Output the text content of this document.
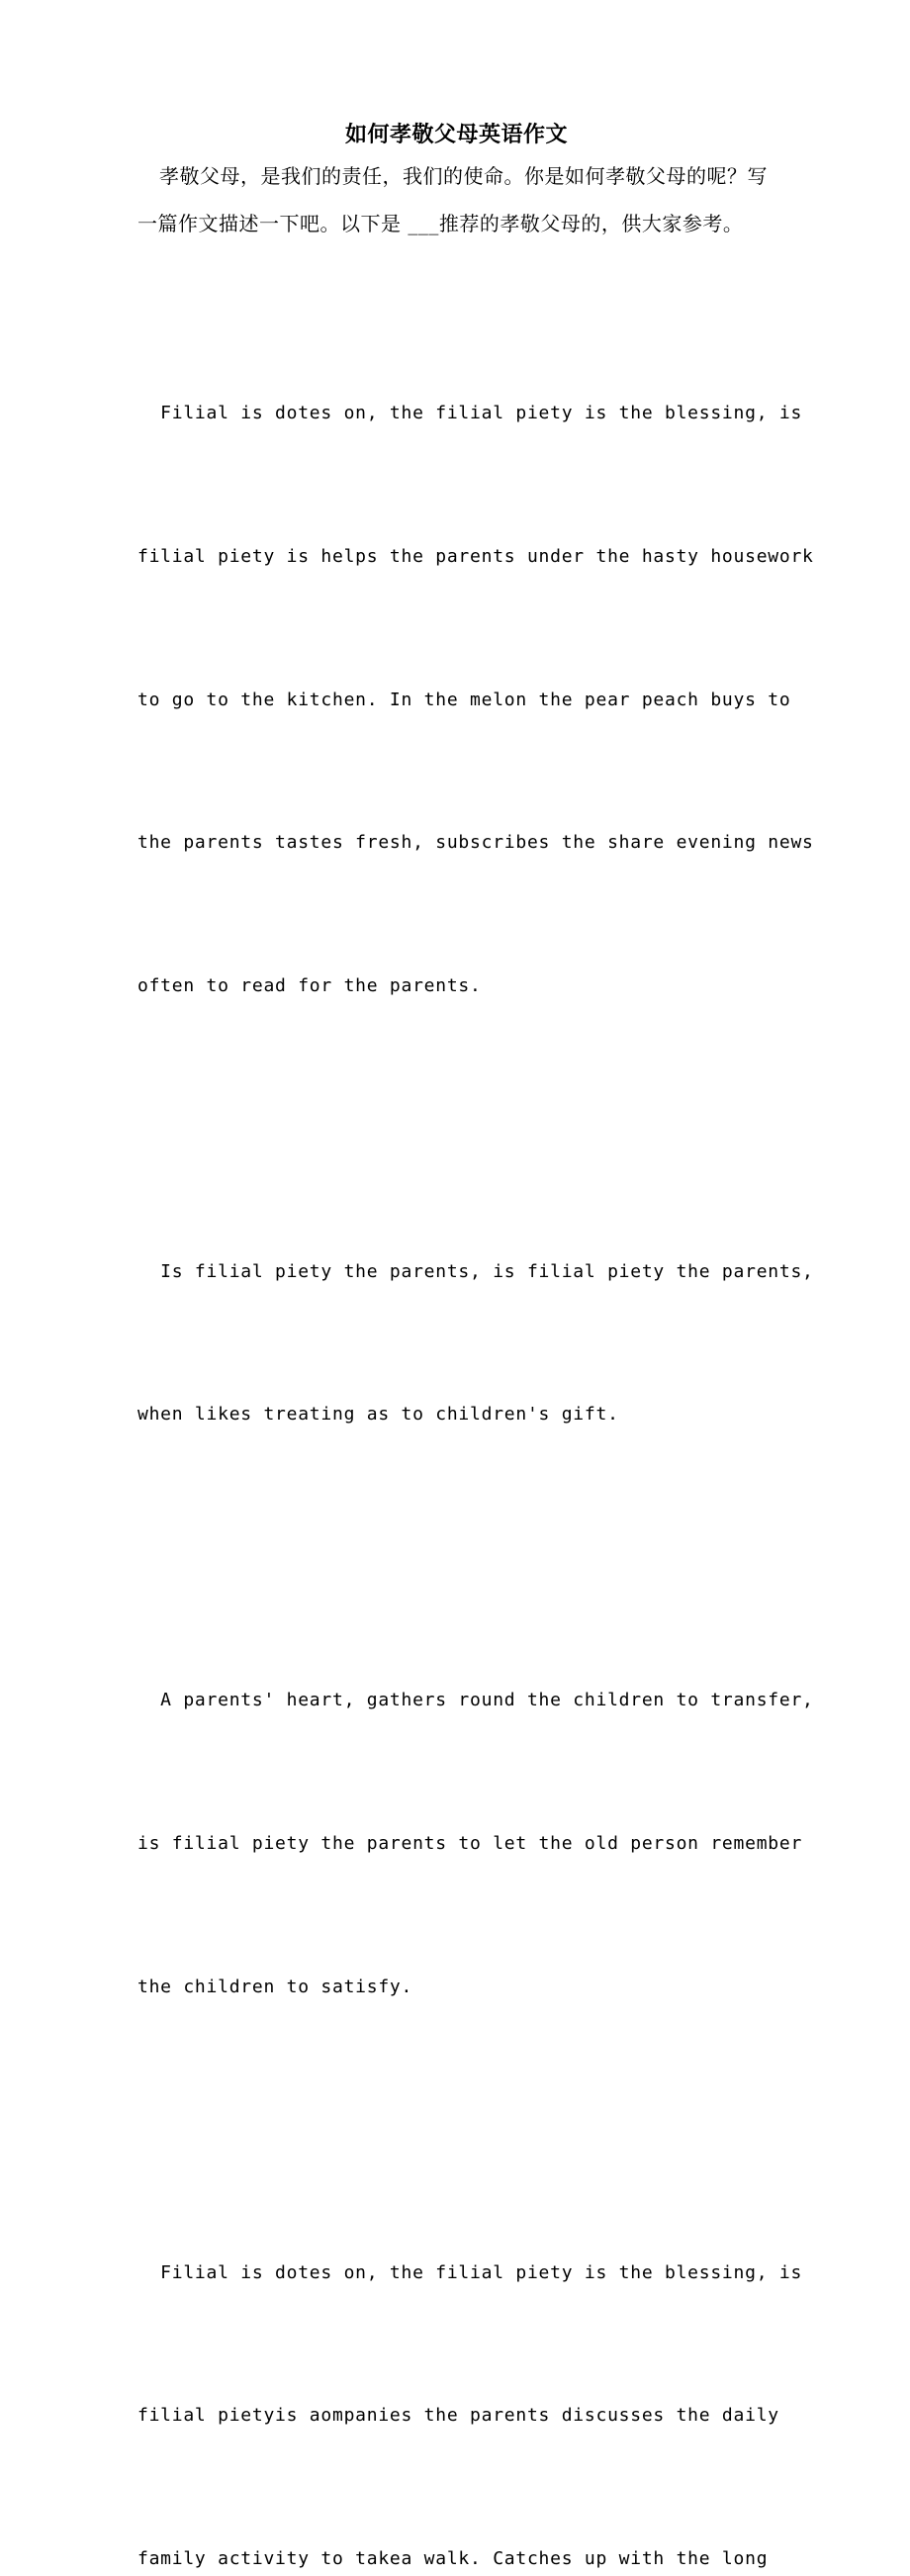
如何孝敬父母英语作文

孝敬父母，是我们的责任，我们的使命。你是如何孝敬父母的呢？写一篇作文描述一下吧。以下是 ___推荐的孝敬父母的，供大家参考。

Filial is dotes on, the filial piety is the blessing, is

filial piety is helps the parents under the hasty housework

to go to the kitchen. In the melon the pear peach buys to

the parents tastes fresh, subscribes the share evening news

often to read for the parents.

Is filial piety the parents, is filial piety the parents,

when likes treating as to children's gift.

A parents' heart, gathers round the children to transfer,

is filial piety the parents to let the old person remember

the children to satisfy.

Filial is dotes on, the filial piety is the blessing, is

filial pietyis aompanies the parents discusses the daily

family activity to takea walk. Catches up with the long
